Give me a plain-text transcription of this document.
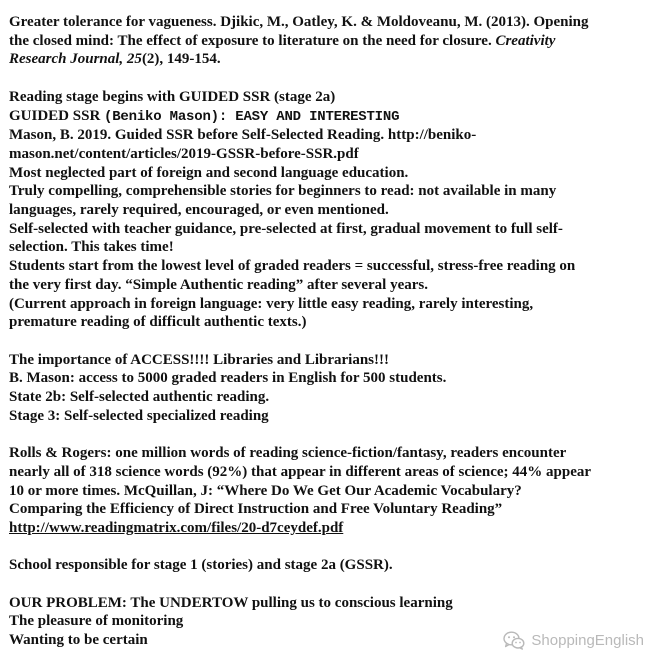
Greater tolerance for vagueness. Djikic, M., Oatley, K. & Moldoveanu, M. (2013). Opening
the closed mind: The effect of exposure to literature on the need for closure. Creativity
Research Journal, 25(2), 149-154.
Reading stage begins with GUIDED SSR (stage 2a)
GUIDED SSR (Beniko Mason): EASY AND INTERESTING
Mason, B. 2019. Guided SSR before Self-Selected Reading. http://beniko-
mason.net/content/articles/2019-GSSR-before-SSR.pdf
Most neglected part of foreign and second language education.
Truly compelling, comprehensible stories for beginners to read: not available in many
languages, rarely required, encouraged, or even mentioned.
Self-selected with teacher guidance, pre-selected at first, gradual movement to full self-
selection. This takes time!
Students start from the lowest level of graded readers = successful, stress-free reading on
the very first day. “Simple Authentic reading” after several years.
(Current approach in foreign language: very little easy reading, rarely interesting,
premature reading of difficult authentic texts.)
The importance of ACCESS!!!! Libraries and Librarians!!!
B. Mason: access to 5000 graded readers in English for 500 students.
State 2b: Self-selected authentic reading.
Stage 3: Self-selected specialized reading
Rolls & Rogers: one million words of reading science-fiction/fantasy, readers encounter
nearly all of 318 science words (92%) that appear in different areas of science; 44% appear
10 or more times. McQuillan, J: “Where Do We Get Our Academic Vocabulary?
Comparing the Efficiency of Direct Instruction and Free Voluntary Reading”
http://www.readingmatrix.com/files/20-d7ceydef.pdf
School responsible for stage 1 (stories) and stage 2a (GSSR).
OUR PROBLEM: The UNDERTOW pulling us to conscious learning
The pleasure of monitoring
Wanting to be certain	ShoppingEnglish
